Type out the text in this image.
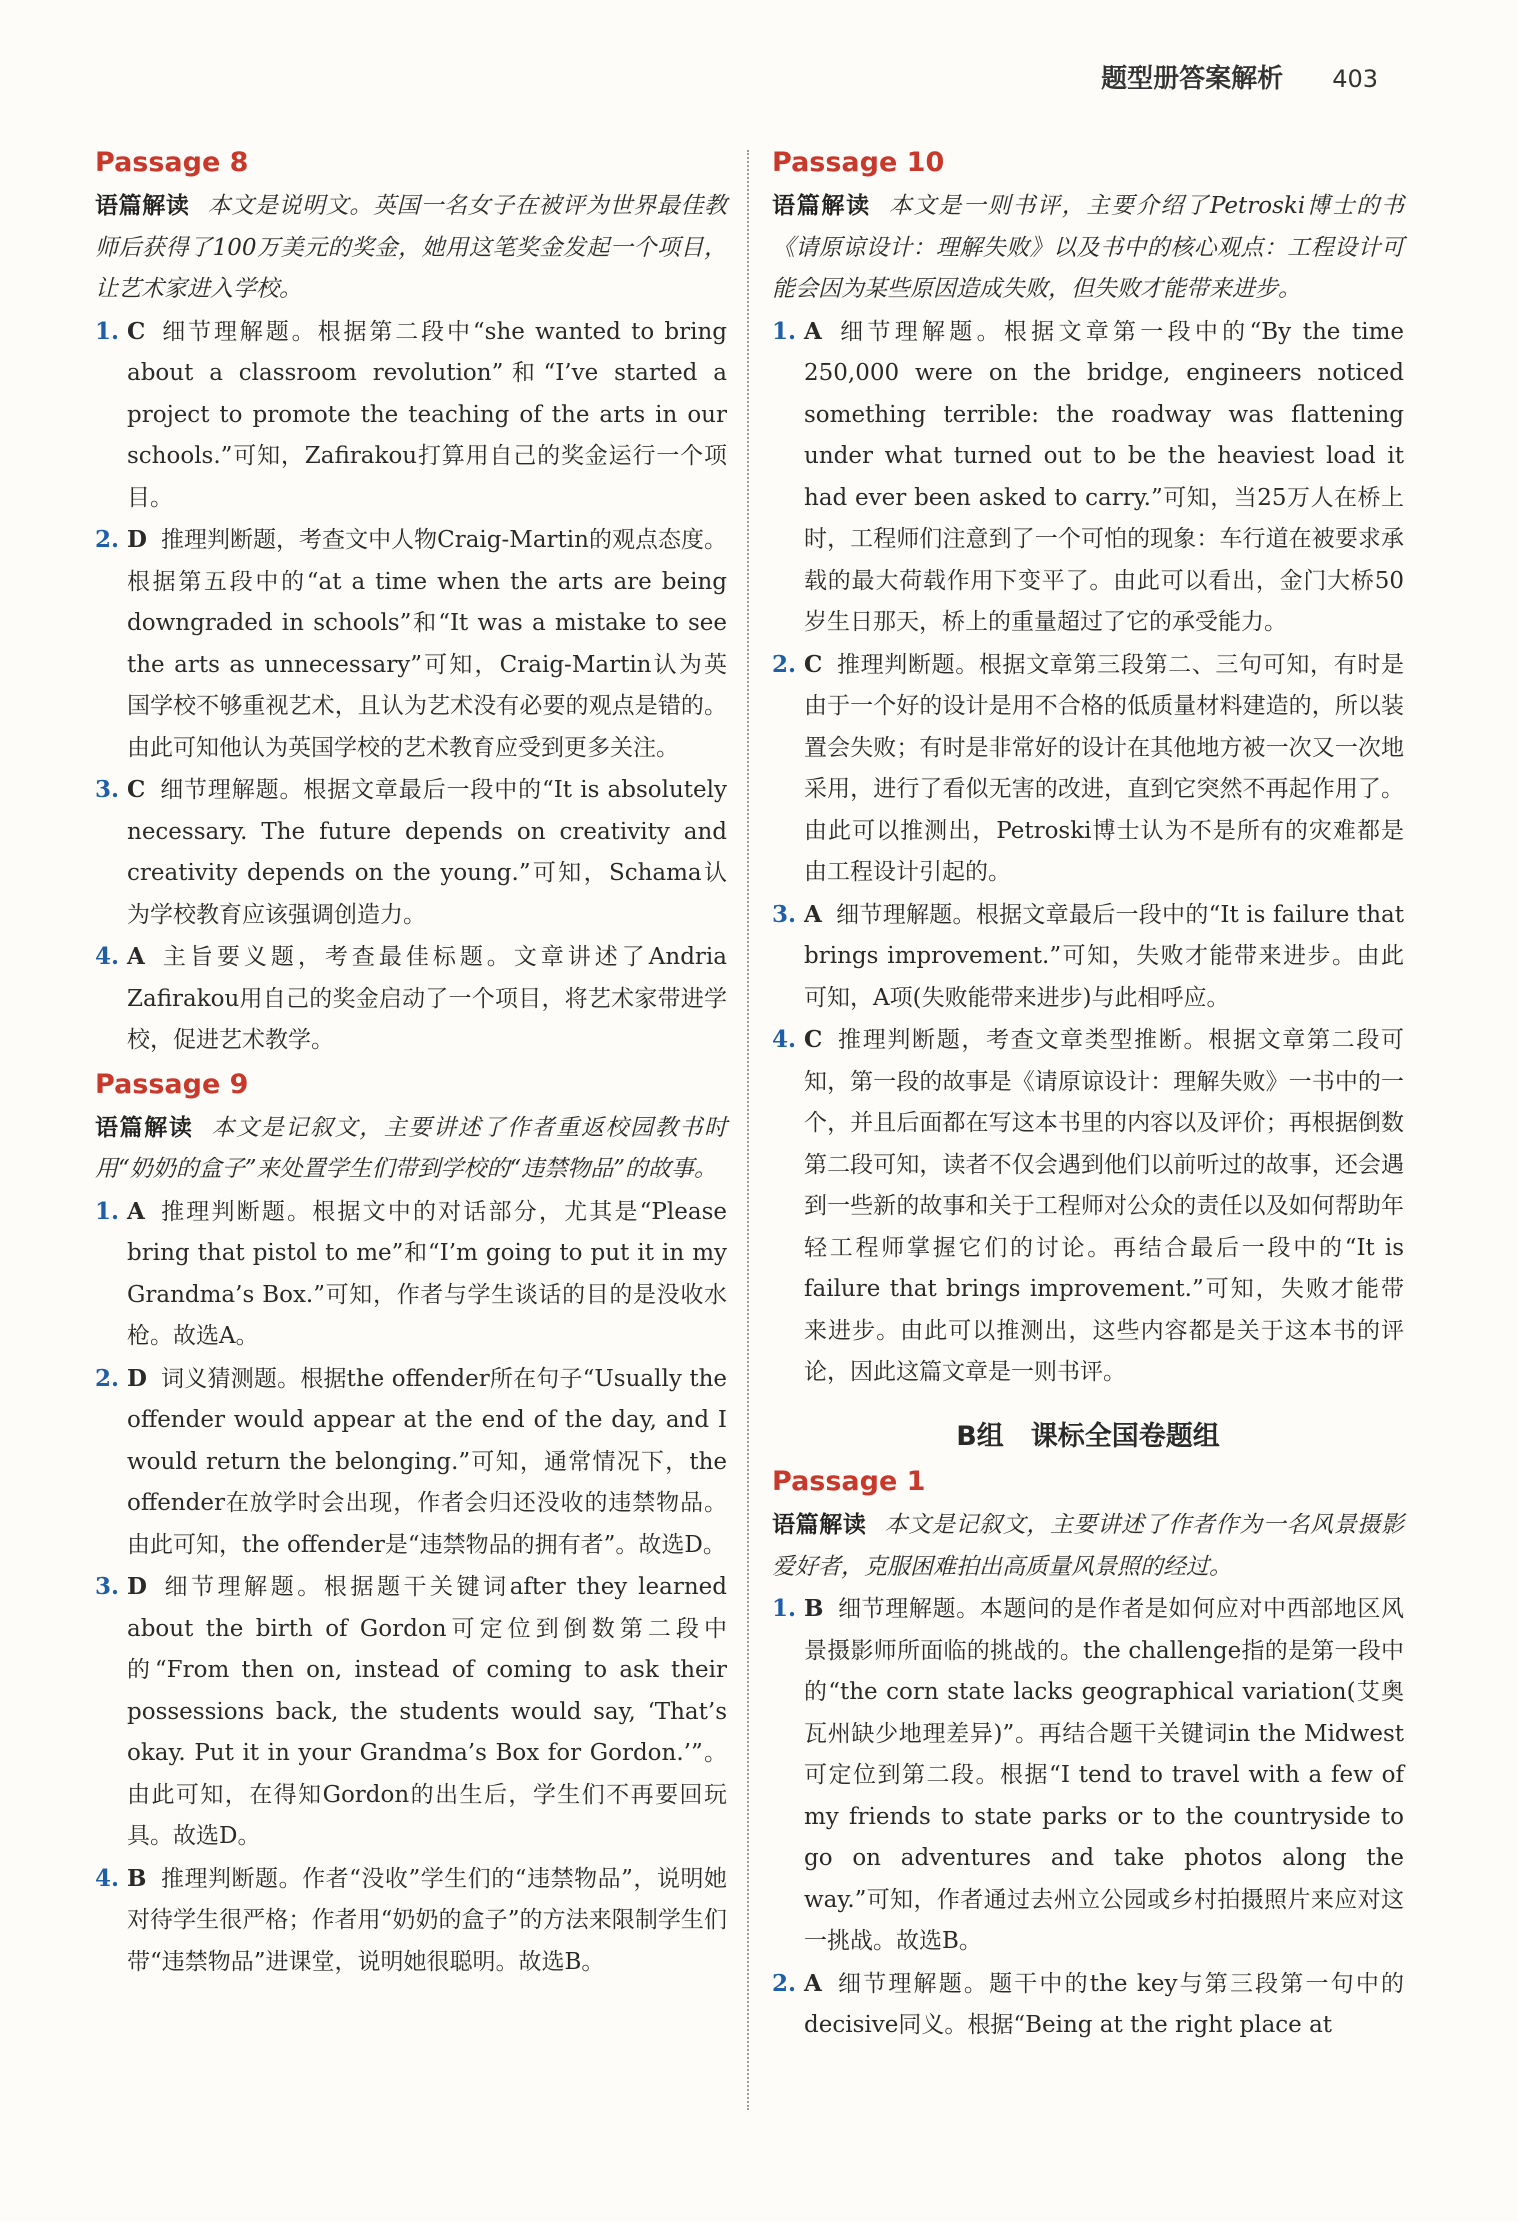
题型册答案解析 403
Passage 8
语篇解读 本文是说明文。英国一名女子在被评为世界最佳教师后获得了100万美元的奖金，她用这笔奖金发起一个项目，让艺术家进入学校。
1. C 细节理解题。根据第二段中“she wanted to bring about a classroom revolution”和“I’ve started a project to promote the teaching of the arts in our schools.”可知，Zafirakou打算用自己的奖金运行一个项目。
2. D 推理判断题，考查文中人物Craig-Martin的观点态度。根据第五段中的“at a time when the arts are being downgraded in schools”和“It was a mistake to see the arts as unnecessary”可知，Craig-Martin认为英国学校不够重视艺术，且认为艺术没有必要的观点是错的。由此可知他认为英国学校的艺术教育应受到更多关注。
3. C 细节理解题。根据文章最后一段中的“It is absolutely necessary. The future depends on creativity and creativity depends on the young.”可知，Schama认为学校教育应该强调创造力。
4. A 主旨要义题，考查最佳标题。文章讲述了Andria Zafirakou用自己的奖金启动了一个项目，将艺术家带进学校，促进艺术教学。
Passage 9
语篇解读 本文是记叙文，主要讲述了作者重返校园教书时用“奶奶的盒子”来处置学生们带到学校的“违禁物品”的故事。
1. A 推理判断题。根据文中的对话部分，尤其是“Please bring that pistol to me”和“I’m going to put it in my Grandma’s Box.”可知，作者与学生谈话的目的是没收水枪。故选A。
2. D 词义猜测题。根据the offender所在句子“Usually the offender would appear at the end of the day, and I would return the belonging.”可知，通常情况下，the offender在放学时会出现，作者会归还没收的违禁物品。由此可知，the offender是“违禁物品的拥有者”。故选D。
3. D 细节理解题。根据题干关键词after they learned about the birth of Gordon可定位到倒数第二段中的“From then on, instead of coming to ask their possessions back, the students would say, ‘That’s okay. Put it in your Grandma’s Box for Gordon.’”。由此可知，在得知Gordon的出生后，学生们不再要回玩具。故选D。
4. B 推理判断题。作者“没收”学生们的“违禁物品”，说明她对待学生很严格；作者用“奶奶的盒子”的方法来限制学生们带“违禁物品”进课堂，说明她很聪明。故选B。
Passage 10
语篇解读 本文是一则书评，主要介绍了Petroski博士的书《请原谅设计：理解失败》以及书中的核心观点：工程设计可能会因为某些原因造成失败，但失败才能带来进步。
1. A 细节理解题。根据文章第一段中的“By the time 250,000 were on the bridge, engineers noticed something terrible: the roadway was flattening under what turned out to be the heaviest load it had ever been asked to carry.”可知，当25万人在桥上时，工程师们注意到了一个可怕的现象：车行道在被要求承载的最大荷载作用下变平了。由此可以看出，金门大桥50岁生日那天，桥上的重量超过了它的承受能力。
2. C 推理判断题。根据文章第三段第二、三句可知，有时是由于一个好的设计是用不合格的低质量材料建造的，所以装置会失败；有时是非常好的设计在其他地方被一次又一次地采用，进行了看似无害的改进，直到它突然不再起作用了。由此可以推测出，Petroski博士认为不是所有的灾难都是由工程设计引起的。
3. A 细节理解题。根据文章最后一段中的“It is failure that brings improvement.”可知，失败才能带来进步。由此可知，A项(失败能带来进步)与此相呼应。
4. C 推理判断题，考查文章类型推断。根据文章第二段可知，第一段的故事是《请原谅设计：理解失败》一书中的一个，并且后面都在写这本书里的内容以及评价；再根据倒数第二段可知，读者不仅会遇到他们以前听过的故事，还会遇到一些新的故事和关于工程师对公众的责任以及如何帮助年轻工程师掌握它们的讨论。再结合最后一段中的“It is failure that brings improvement.”可知，失败才能带来进步。由此可以推测出，这些内容都是关于这本书的评论，因此这篇文章是一则书评。
B组　课标全国卷题组
Passage 1
语篇解读 本文是记叙文，主要讲述了作者作为一名风景摄影爱好者，克服困难拍出高质量风景照的经过。
1. B 细节理解题。本题问的是作者是如何应对中西部地区风景摄影师所面临的挑战的。the challenge指的是第一段中的“the corn state lacks geographical variation(艾奥瓦州缺少地理差异)”。再结合题干关键词in the Midwest可定位到第二段。根据“I tend to travel with a few of my friends to state parks or to the countryside to go on adventures and take photos along the way.”可知，作者通过去州立公园或乡村拍摄照片来应对这一挑战。故选B。
2. A 细节理解题。题干中的the key与第三段第一句中的decisive同义。根据“Being at the right place at
